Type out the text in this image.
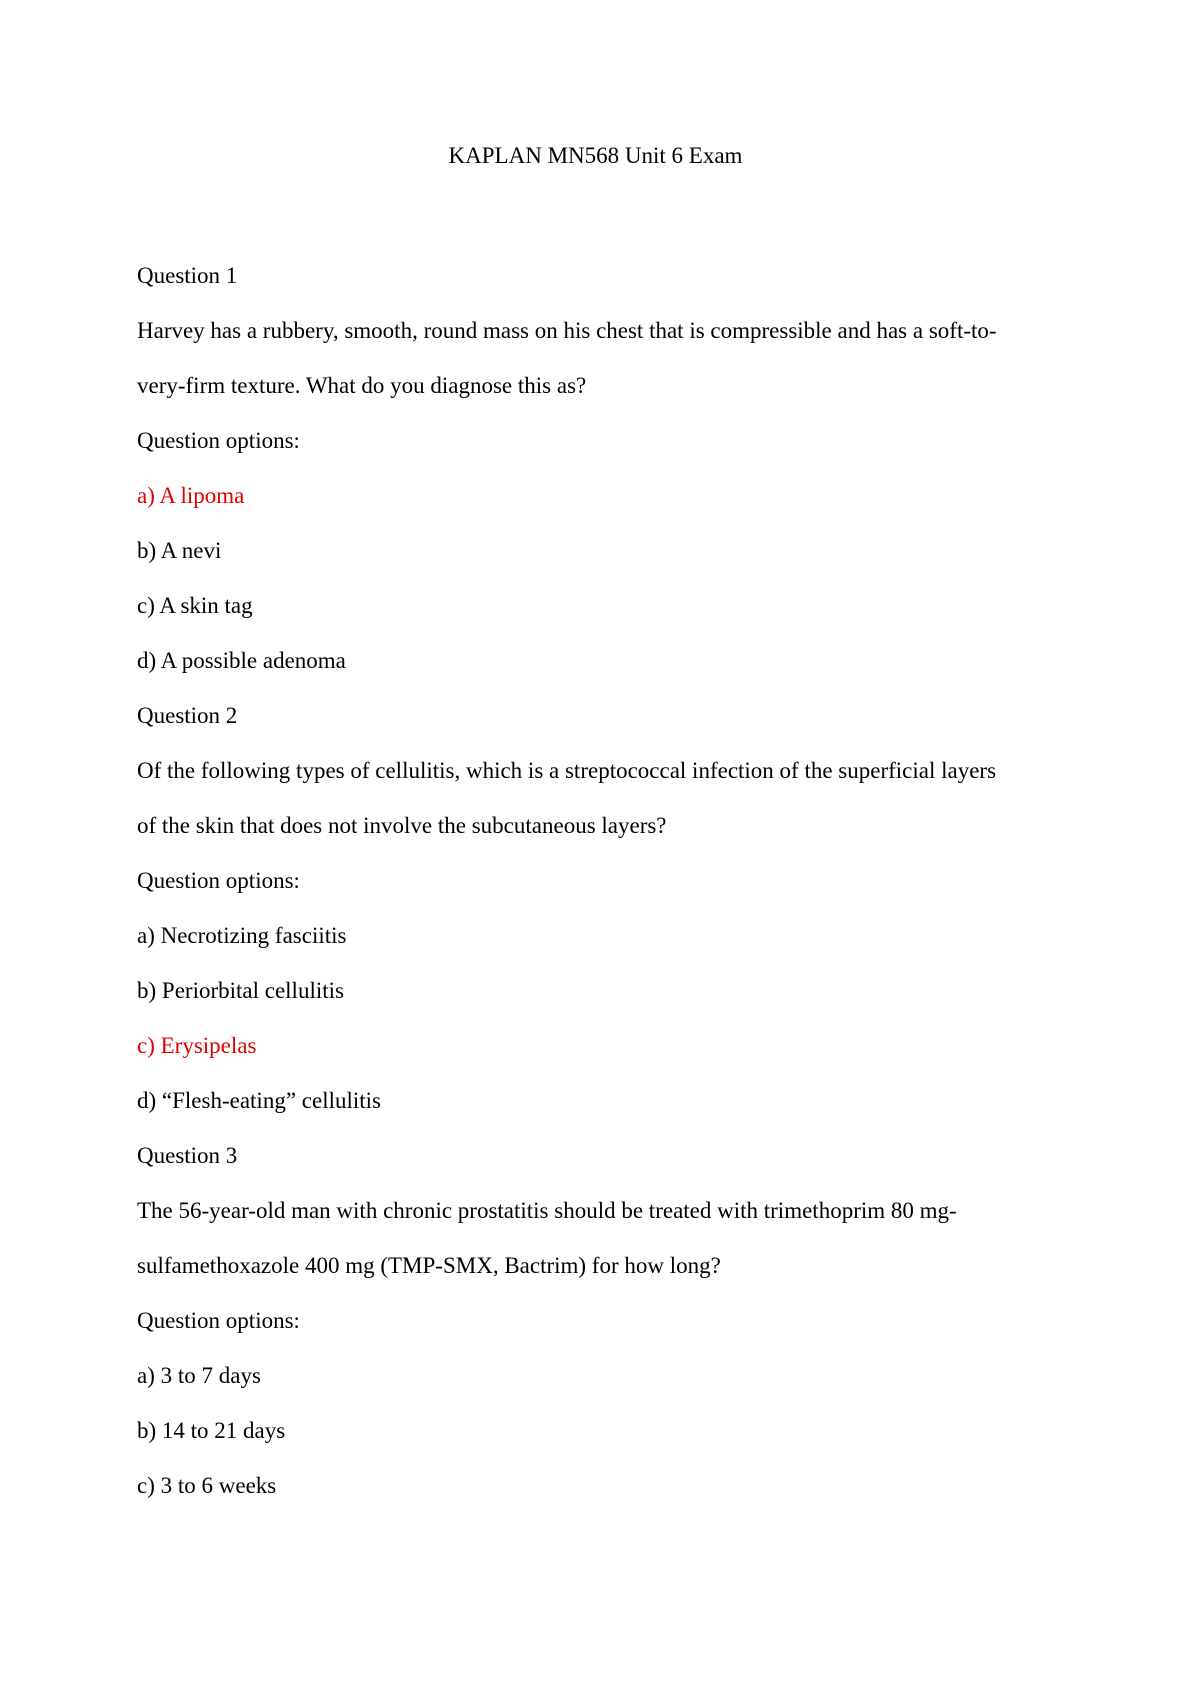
KAPLAN MN568 Unit 6 Exam
Question 1
Harvey has a rubbery, smooth, round mass on his chest that is compressible and has a soft-to-
very-firm texture. What do you diagnose this as?
Question options:
a) A lipoma
b) A nevi
c) A skin tag
d) A possible adenoma
Question 2
Of the following types of cellulitis, which is a streptococcal infection of the superficial layers
of the skin that does not involve the subcutaneous layers?
Question options:
a) Necrotizing fasciitis
b) Periorbital cellulitis
c) Erysipelas
d) “Flesh-eating” cellulitis
Question 3
The 56-year-old man with chronic prostatitis should be treated with trimethoprim 80 mg-
sulfamethoxazole 400 mg (TMP-SMX, Bactrim) for how long?
Question options:
a) 3 to 7 days
b) 14 to 21 days
c) 3 to 6 weeks
